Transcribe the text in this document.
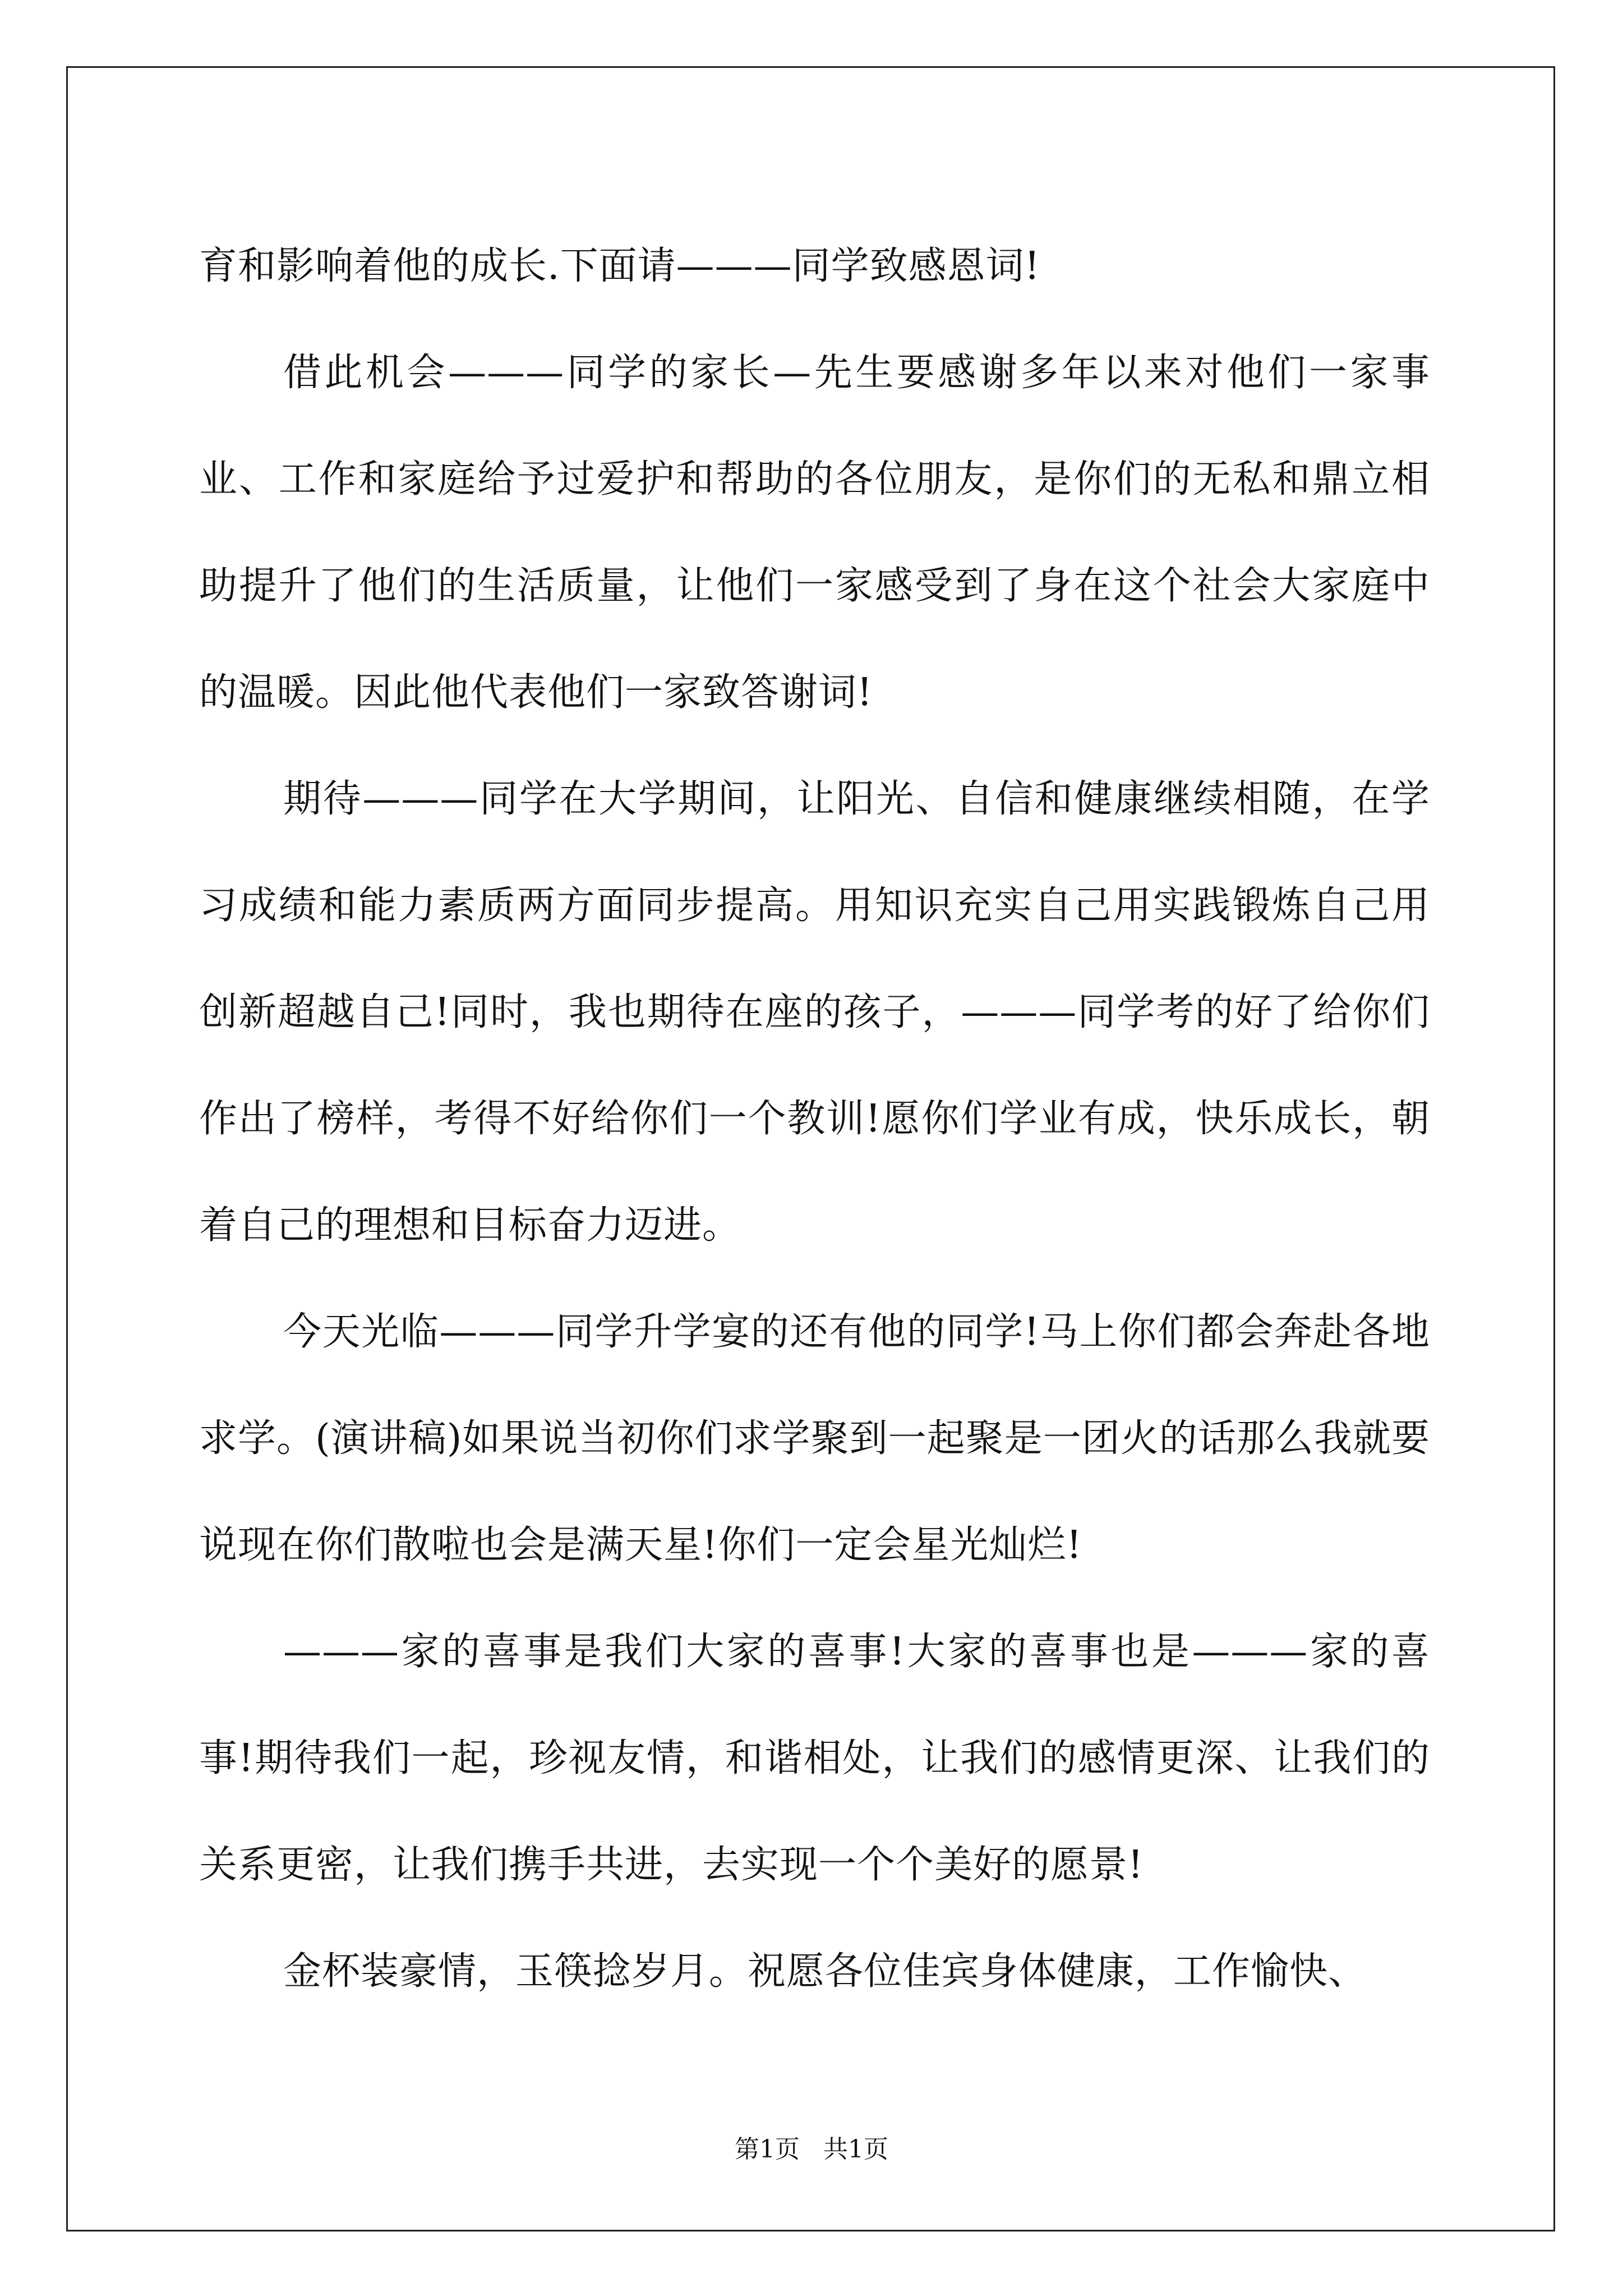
育和影响着他的成长.下面请———同学致感恩词!

借此机会———同学的家长—先生要感谢多年以来对他们一家事业、工作和家庭给予过爱护和帮助的各位朋友，是你们的无私和鼎立相助提升了他们的生活质量，让他们一家感受到了身在这个社会大家庭中的温暖。因此他代表他们一家致答谢词!

期待———同学在大学期间，让阳光、自信和健康继续相随，在学习成绩和能力素质两方面同步提高。用知识充实自己用实践锻炼自己用创新超越自己!同时，我也期待在座的孩子，———同学考的好了给你们作出了榜样，考得不好给你们一个教训!愿你们学业有成，快乐成长，朝着自己的理想和目标奋力迈进。

今天光临———同学升学宴的还有他的同学!马上你们都会奔赴各地求学。(演讲稿)如果说当初你们求学聚到一起聚是一团火的话那么我就要说现在你们散啦也会是满天星!你们一定会星光灿烂!

———家的喜事是我们大家的喜事!大家的喜事也是———家的喜事!期待我们一起，珍视友情，和谐相处，让我们的感情更深、让我们的关系更密，让我们携手共进，去实现一个个美好的愿景!

金杯装豪情，玉筷捻岁月。祝愿各位佳宾身体健康，工作愉快、

第1页 共1页
